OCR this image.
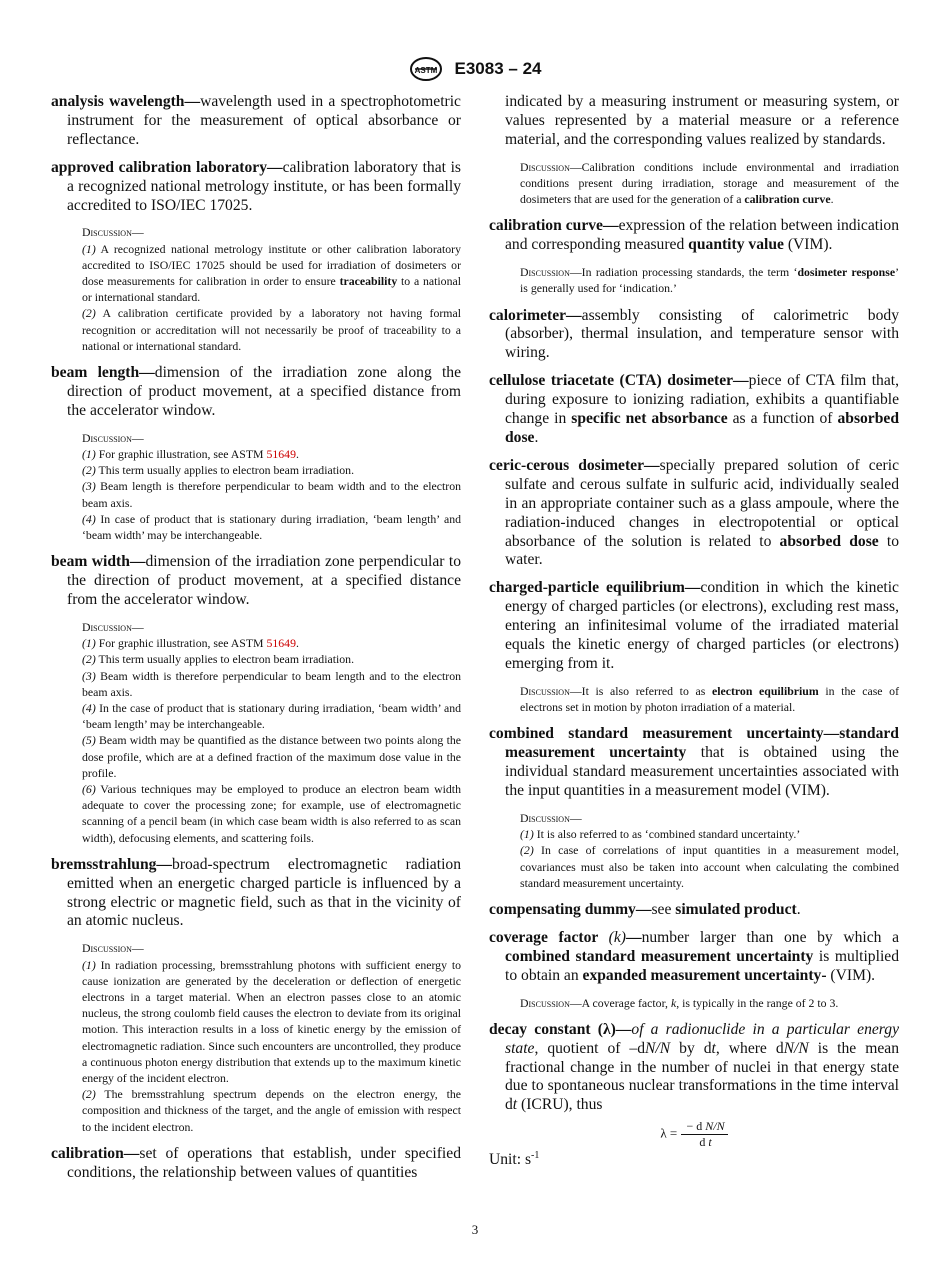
ASTM E3083 – 24

analysis wavelength—wavelength used in a spectrophotometric instrument for the measurement of optical absorbance or reflectance.

approved calibration laboratory—calibration laboratory that is a recognized national metrology institute, or has been formally accredited to ISO/IEC 17025.

Discussion—

(1) A recognized national metrology institute or other calibration laboratory accredited to ISO/IEC 17025 should be used for irradiation of dosimeters or dose measurements for calibration in order to ensure traceability to a national or international standard.

(2) A calibration certificate provided by a laboratory not having formal recognition or accreditation will not necessarily be proof of traceability to a national or international standard.

beam length—dimension of the irradiation zone along the direction of product movement, at a specified distance from the accelerator window.

Discussion—

(1) For graphic illustration, see ASTM 51649.

(2) This term usually applies to electron beam irradiation.

(3) Beam length is therefore perpendicular to beam width and to the electron beam axis.

(4) In case of product that is stationary during irradiation, ‘beam length’ and ‘beam width’ may be interchangeable.

beam width—dimension of the irradiation zone perpendicular to the direction of product movement, at a specified distance from the accelerator window.

Discussion—

(1) For graphic illustration, see ASTM 51649.

(2) This term usually applies to electron beam irradiation.

(3) Beam width is therefore perpendicular to beam length and to the electron beam axis.

(4) In the case of product that is stationary during irradiation, ‘beam width’ and ‘beam length’ may be interchangeable.

(5) Beam width may be quantified as the distance between two points along the dose profile, which are at a defined fraction of the maximum dose value in the profile.

(6) Various techniques may be employed to produce an electron beam width adequate to cover the processing zone; for example, use of electromagnetic scanning of a pencil beam (in which case beam width is also referred to as scan width), defocusing elements, and scattering foils.

bremsstrahlung—broad-spectrum electromagnetic radiation emitted when an energetic charged particle is influenced by a strong electric or magnetic field, such as that in the vicinity of an atomic nucleus.

Discussion—

(1) In radiation processing, bremsstrahlung photons with sufficient energy to cause ionization are generated by the deceleration or deflection of energetic electrons in a target material. When an electron passes close to an atomic nucleus, the strong coulomb field causes the electron to deviate from its original motion. This interaction results in a loss of kinetic energy by the emission of electromagnetic radiation. Since such encounters are uncontrolled, they produce a continuous photon energy distribution that extends up to the maximum kinetic energy of the incident electron.

(2) The bremsstrahlung spectrum depends on the electron energy, the composition and thickness of the target, and the angle of emission with respect to the incident electron.

calibration—set of operations that establish, under specified conditions, the relationship between values of quantities

indicated by a measuring instrument or measuring system, or values represented by a material measure or a reference material, and the corresponding values realized by standards.

Discussion—Calibration conditions include environmental and irradiation conditions present during irradiation, storage and measurement of the dosimeters that are used for the generation of a calibration curve.

calibration curve—expression of the relation between indication and corresponding measured quantity value (VIM).

Discussion—In radiation processing standards, the term ‘dosimeter response’ is generally used for ‘indication.’

calorimeter—assembly consisting of calorimetric body (absorber), thermal insulation, and temperature sensor with wiring.

cellulose triacetate (CTA) dosimeter—piece of CTA film that, during exposure to ionizing radiation, exhibits a quantifiable change in specific net absorbance as a function of absorbed dose.

ceric-cerous dosimeter—specially prepared solution of ceric sulfate and cerous sulfate in sulfuric acid, individually sealed in an appropriate container such as a glass ampoule, where the radiation-induced changes in electropotential or optical absorbance of the solution is related to absorbed dose to water.

charged-particle equilibrium—condition in which the kinetic energy of charged particles (or electrons), excluding rest mass, entering an infinitesimal volume of the irradiated material equals the kinetic energy of charged particles (or electrons) emerging from it.

Discussion—It is also referred to as electron equilibrium in the case of electrons set in motion by photon irradiation of a material.

combined standard measurement uncertainty—standard measurement uncertainty that is obtained using the individual standard measurement uncertainties associated with the input quantities in a measurement model (VIM).

Discussion—

(1) It is also referred to as ‘combined standard uncertainty.’

(2) In case of correlations of input quantities in a measurement model, covariances must also be taken into account when calculating the combined standard measurement uncertainty.

compensating dummy—see simulated product.

coverage factor (k)—number larger than one by which a combined standard measurement uncertainty is multiplied to obtain an expanded measurement uncertainty- (VIM).

Discussion—A coverage factor, k, is typically in the range of 2 to 3.

decay constant (λ)—of a radionuclide in a particular energy state, quotient of –dN/N by dt, where dN/N is the mean fractional change in the number of nuclei in that energy state due to spontaneous nuclear transformations in the time interval dt (ICRU), thus

$\lambda = \frac{\text{− d N/N}}{\text{d t}}$
Unit: $s^{-1}$
3
